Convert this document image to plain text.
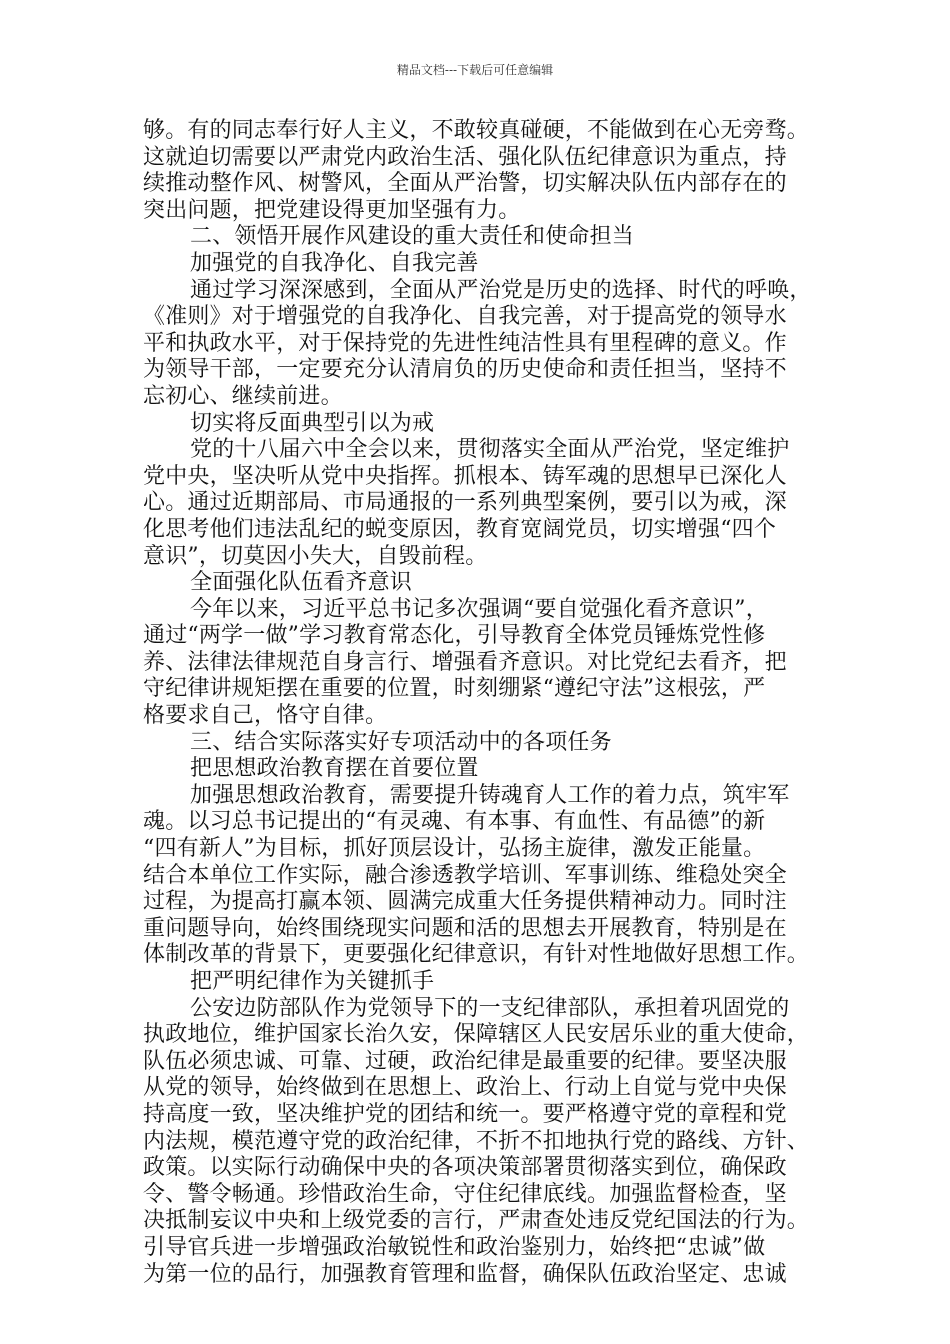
精品文档---下载后可任意编辑
够。有的同志奉行好人主义，不敢较真碰硬，不能做到在心无旁骛。
这就迫切需要以严肃党内政治生活、强化队伍纪律意识为重点，持
续推动整作风、树警风，全面从严治警，切实解决队伍内部存在的
突出问题，把党建设得更加坚强有力。
二、领悟开展作风建设的重大责任和使命担当
加强党的自我净化、自我完善
通过学习深深感到，全面从严治党是历史的选择、时代的呼唤，
《准则》对于增强党的自我净化、自我完善，对于提高党的领导水
平和执政水平，对于保持党的先进性纯洁性具有里程碑的意义。作
为领导干部，一定要充分认清肩负的历史使命和责任担当，坚持不
忘初心、继续前进。
切实将反面典型引以为戒
党的十八届六中全会以来，贯彻落实全面从严治党，坚定维护
党中央，坚决听从党中央指挥。抓根本、铸军魂的思想早已深化人
心。通过近期部局、市局通报的一系列典型案例，要引以为戒，深
化思考他们违法乱纪的蜕变原因，教育宽阔党员，切实增强“四个
意识”，切莫因小失大，自毁前程。
全面强化队伍看齐意识
今年以来，习近平总书记多次强调“要自觉强化看齐意识”，
通过“两学一做”学习教育常态化，引导教育全体党员锤炼党性修
养、法律法律规范自身言行、增强看齐意识。对比党纪去看齐，把
守纪律讲规矩摆在重要的位置，时刻绷紧“遵纪守法”这根弦，严
格要求自己，恪守自律。
三、结合实际落实好专项活动中的各项任务
把思想政治教育摆在首要位置
加强思想政治教育，需要提升铸魂育人工作的着力点，筑牢军
魂。以习总书记提出的“有灵魂、有本事、有血性、有品德”的新
“四有新人”为目标，抓好顶层设计，弘扬主旋律，激发正能量。
结合本单位工作实际，融合渗透教学培训、军事训练、维稳处突全
过程，为提高打赢本领、圆满完成重大任务提供精神动力。同时注
重问题导向，始终围绕现实问题和活的思想去开展教育，特别是在
体制改革的背景下，更要强化纪律意识，有针对性地做好思想工作。
把严明纪律作为关键抓手
公安边防部队作为党领导下的一支纪律部队，承担着巩固党的
执政地位，维护国家长治久安，保障辖区人民安居乐业的重大使命，
队伍必须忠诚、可靠、过硬，政治纪律是最重要的纪律。要坚决服
从党的领导，始终做到在思想上、政治上、行动上自觉与党中央保
持高度一致，坚决维护党的团结和统一。要严格遵守党的章程和党
内法规，模范遵守党的政治纪律，不折不扣地执行党的路线、方针、
政策。以实际行动确保中央的各项决策部署贯彻落实到位，确保政
令、警令畅通。珍惜政治生命，守住纪律底线。加强监督检查，坚
决抵制妄议中央和上级党委的言行，严肃查处违反党纪国法的行为。
引导官兵进一步增强政治敏锐性和政治鉴别力，始终把“忠诚”做
为第一位的品行，加强教育管理和监督，确保队伍政治坚定、忠诚
